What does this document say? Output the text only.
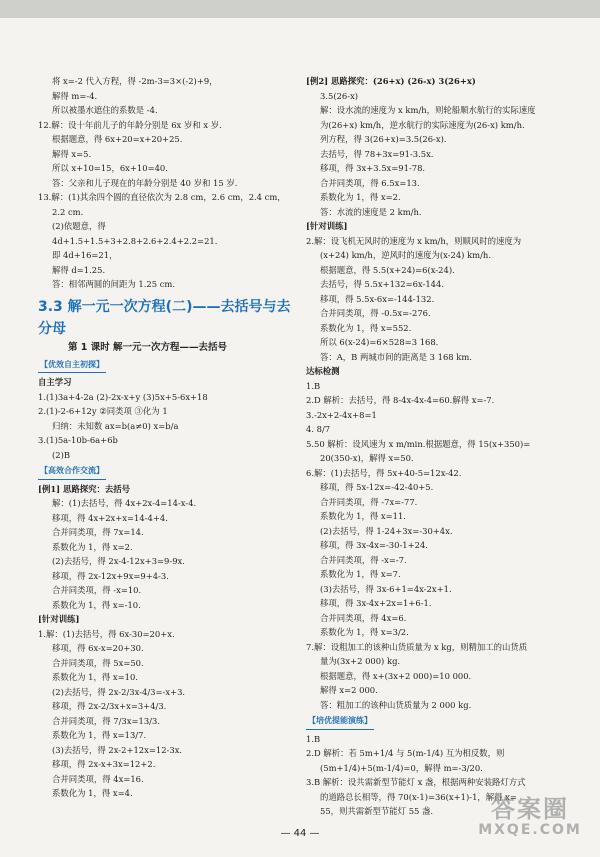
将 x=-2 代入方程，得 -2m-3=3×(-2)+9，
解得 m=-4.
所以被墨水遮住的系数是 -4.
12.解：设十年前儿子的年龄分别是 6x 岁和 x 岁.
根据题意，得 6x+20=x+20+25.
解得 x=5.
所以 x+10=15，6x+10=40.
答：父亲和儿子现在的年龄分别是 40 岁和 15 岁.
13.解：(1)其余四个圆的直径依次为 2.8 cm，2.6 cm，2.4 cm，
2.2 cm.
(2)依题意，得
4d+1.5+1.5+3+2.8+2.6+2.4+2.2=21.
即 4d+16=21，
解得 d=1.25.
答：相邻两圆的间距为 1.25 cm.
3.3 解一元一次方程(二)——去括号与去分母
第 1 课时 解一元一次方程——去括号
【优效自主初探】
自主学习
1.(1)3a+4-2a (2)-2x-x+y (3)5x+5-6x+18
2.(1)-2-6+12y ②同类项 ③化为 1
归纳：未知数 ax=b(a≠0) x=b/a
3.(1)5a-10b-6a+6b
(2)B
【高效合作交流】
[例1] 思路探究：去括号
解：(1)去括号，得 4x+2x-4=14-x-4.
移项，得 4x+2x+x=14-4+4.
合并同类项，得 7x=14.
系数化为 1，得 x=2.
(2)去括号，得 2x-4-12x+3=9-9x.
移项，得 2x-12x+9x=9+4-3.
合并同类项，得 -x=10.
系数化为 1，得 x=-10.
[针对训练]
1.解：(1)去括号，得 6x-30=20+x.
移项，得 6x-x=20+30.
合并同类项，得 5x=50.
系数化为 1，得 x=10.
(2)去括号，得 2x-2/3x-4/3=-x+3.
移项，得 2x-2/3x+x=3+4/3.
合并同类项，得 7/3x=13/3.
系数化为 1，得 x=13/7.
(3)去括号，得 2x-2+12x=12-3x.
移项，得 2x-x+3x=12+2.
合并同类项，得 4x=16.
系数化为 1，得 x=4.
[例2] 思路探究：(26+x) (26-x) 3(26+x)
3.5(26-x)
解：设水流的速度为 x km/h，则轮船顺水航行的实际速度
为(26+x) km/h，逆水航行的实际速度为(26-x) km/h.
列方程，得 3(26+x)=3.5(26-x).
去括号，得 78+3x=91-3.5x.
移项，得 3x+3.5x=91-78.
合并同类项，得 6.5x=13.
系数化为 1，得 x=2.
答：水流的速度是 2 km/h.
[针对训练]
2.解：设飞机无风时的速度为 x km/h，则顺风时的速度为
(x+24) km/h，逆风时的速度为(x-24) km/h.
根据题意，得 5.5(x+24)=6(x-24).
去括号，得 5.5x+132=6x-144.
移项，得 5.5x-6x=-144-132.
合并同类项，得 -0.5x=-276.
系数化为 1，得 x=552.
所以 6(x-24)=6×528=3 168.
答：A，B 两城市间的距离是 3 168 km.
达标检测
1.B
2.D 解析：去括号，得 8-4x-4x-4=60.解得 x=-7.
3.-2x+2-4x+8=1
4. 8/7
5.50 解析：设风速为 x m/min.根据题意，得 15(x+350)=
20(350-x)，解得 x=50.
6.解：(1)去括号，得 5x+40-5=12x-42.
移项，得 5x-12x=-42-40+5.
合并同类项，得 -7x=-77.
系数化为 1，得 x=11.
(2)去括号，得 1-24+3x=-30+4x.
移项，得 3x-4x=-30-1+24.
合并同类项，得 -x=-7.
系数化为 1，得 x=7.
(3)去括号，得 3x-6+1=4x-2x+1.
移项，得 3x-4x+2x=1+6-1.
合并同类项，得 4x=6.
系数化为 1，得 x=3/2.
7.解：设粗加工的该种山货质量为 x kg，则精加工的山货质
量为(3x+2 000) kg.
根据题意，得 x+(3x+2 000)=10 000.
解得 x=2 000.
答：粗加工的该种山货质量为 2 000 kg.
【培优提能演练】
1.B
2.D 解析：若 5m+1/4 与 5(m-1/4) 互为相反数，则
(5m+1/4)+5(m-1/4)=0，解得 m=-3/20.
3.B 解析：设共需新型节能灯 x 盏，根据两种安装路灯方式
的道路总长相等，得 70(x-1)=36(x+1)-1，解得 x=
55，则共需新型节能灯 55 盏.
— 44 —
答案圈
MXQE.COM
